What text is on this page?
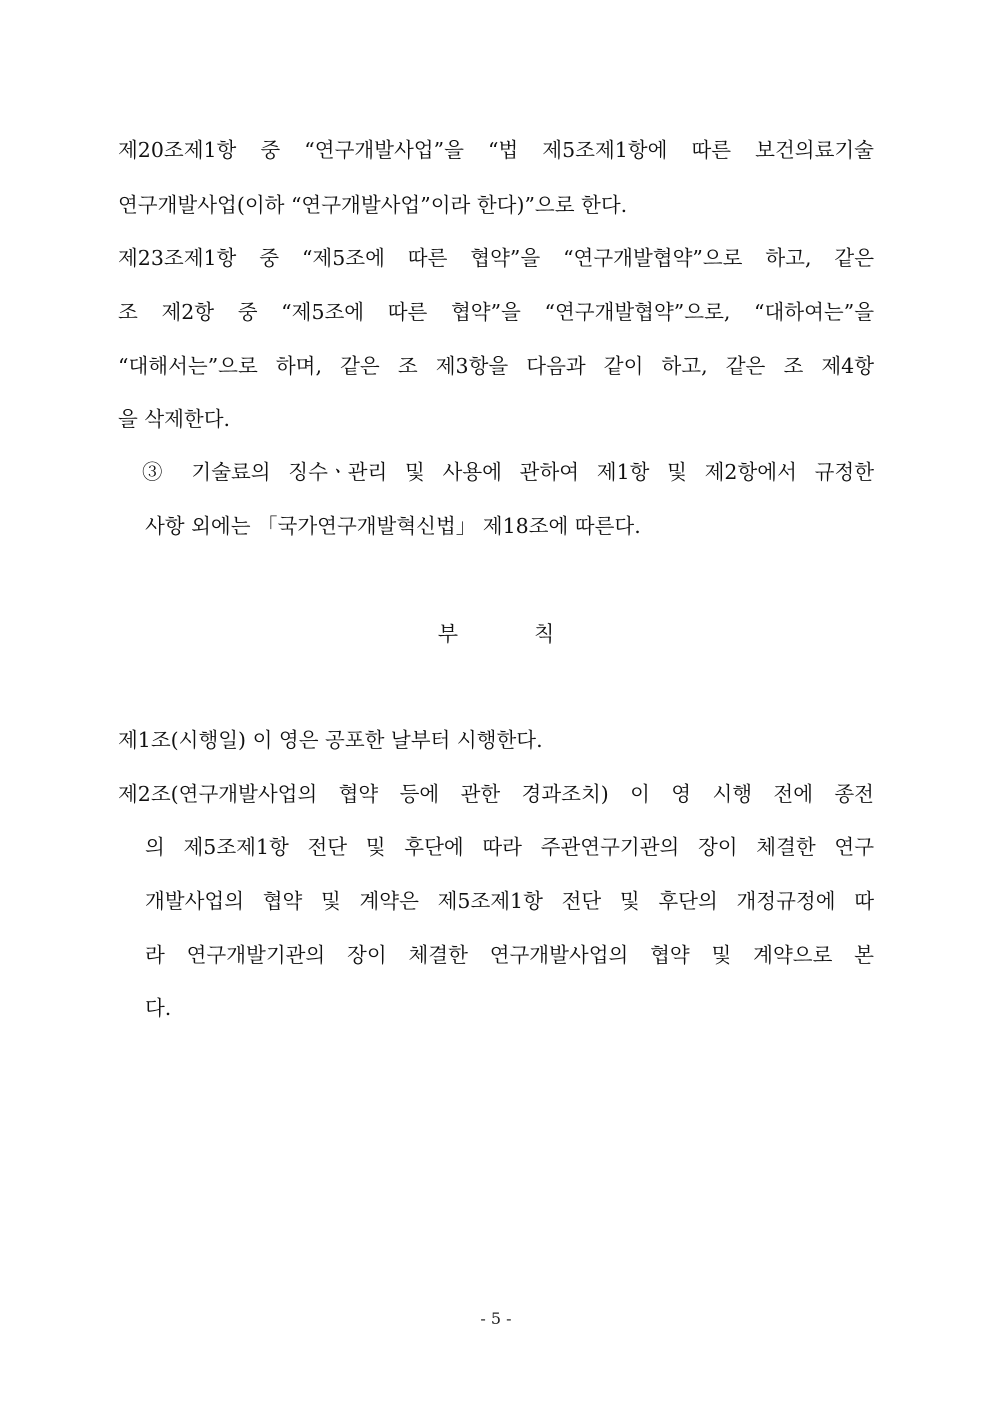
제20조제1항 중 “연구개발사업”을 “법 제5조제1항에 따른 보건의료기술
연구개발사업(이하 “연구개발사업”이라 한다)”으로 한다.
제23조제1항 중 “제5조에 따른 협약”을 “연구개발협약”으로 하고, 같은
조 제2항 중 “제5조에 따른 협약”을 “연구개발협약”으로, “대하여는”을
“대해서는”으로 하며, 같은 조 제3항을 다음과 같이 하고, 같은 조 제4항
을 삭제한다.
③ 기술료의 징수ㆍ관리 및 사용에 관하여 제1항 및 제2항에서 규정한
사항 외에는 「국가연구개발혁신법」 제18조에 따른다.
부	칙
제1조(시행일) 이 영은 공포한 날부터 시행한다.
제2조(연구개발사업의 협약 등에 관한 경과조치) 이 영 시행 전에 종전
의 제5조제1항 전단 및 후단에 따라 주관연구기관의 장이 체결한 연구
개발사업의 협약 및 계약은 제5조제1항 전단 및 후단의 개정규정에 따
라 연구개발기관의 장이 체결한 연구개발사업의 협약 및 계약으로 본
다.
- 5 -
